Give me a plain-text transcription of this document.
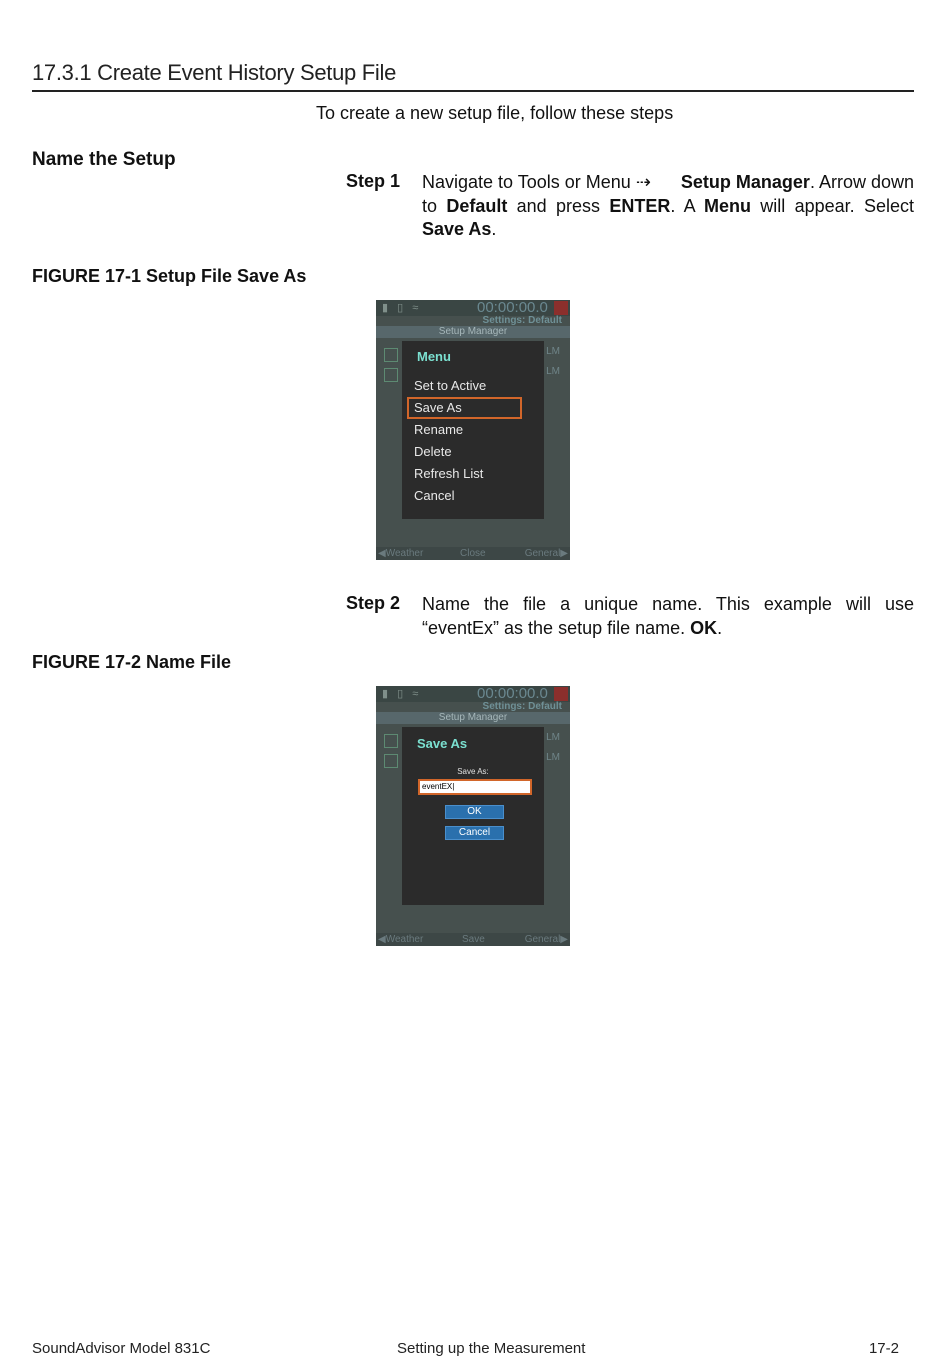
17.3.1 Create Event History Setup File
To create a new setup file, follow these steps
Name the Setup
Step 1 Navigate to Tools or Menu ⇢ Setup Manager. Arrow down to Default and press ENTER. A Menu will appear. Select Save As.
FIGURE 17-1 Setup File Save As
▮ ▯ ≈	00:00:00.0
Settings: Default
Setup Manager
LM
LM
Menu
Set to Active
Save As
Rename
Delete
Refresh List
Cancel
◀Weather	Close	General▶
Step 2 Name the file a unique name. This example will use “eventEx” as the setup file name. OK.
FIGURE 17-2 Name File
▮ ▯ ≈	00:00:00.0
Settings: Default
Setup Manager
LM
LM
Save As
Save As:
eventEX|
OK
Cancel
◀Weather	Save	General▶
SoundAdvisor Model 831C	Setting up the Measurement	17-2
